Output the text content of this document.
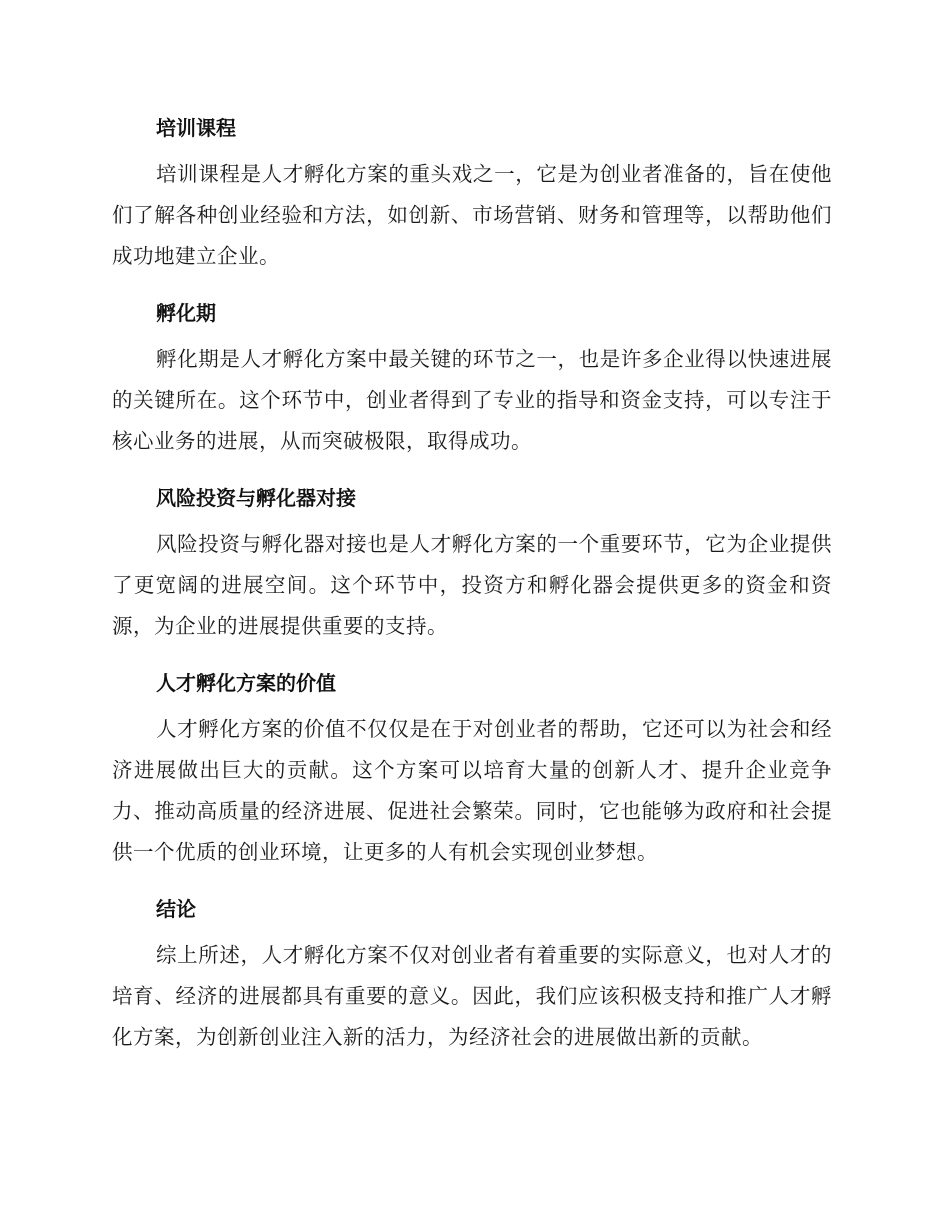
培训课程

培训课程是人才孵化方案的重头戏之一，它是为创业者准备的，旨在使他们了解各种创业经验和方法，如创新、市场营销、财务和管理等，以帮助他们成功地建立企业。

孵化期

孵化期是人才孵化方案中最关键的环节之一，也是许多企业得以快速进展的关键所在。这个环节中，创业者得到了专业的指导和资金支持，可以专注于核心业务的进展，从而突破极限，取得成功。

风险投资与孵化器对接

风险投资与孵化器对接也是人才孵化方案的一个重要环节，它为企业提供了更宽阔的进展空间。这个环节中，投资方和孵化器会提供更多的资金和资源，为企业的进展提供重要的支持。

人才孵化方案的价值

人才孵化方案的价值不仅仅是在于对创业者的帮助，它还可以为社会和经济进展做出巨大的贡献。这个方案可以培育大量的创新人才、提升企业竞争力、推动高质量的经济进展、促进社会繁荣。同时，它也能够为政府和社会提供一个优质的创业环境，让更多的人有机会实现创业梦想。

结论

综上所述，人才孵化方案不仅对创业者有着重要的实际意义，也对人才的培育、经济的进展都具有重要的意义。因此，我们应该积极支持和推广人才孵化方案，为创新创业注入新的活力，为经济社会的进展做出新的贡献。
